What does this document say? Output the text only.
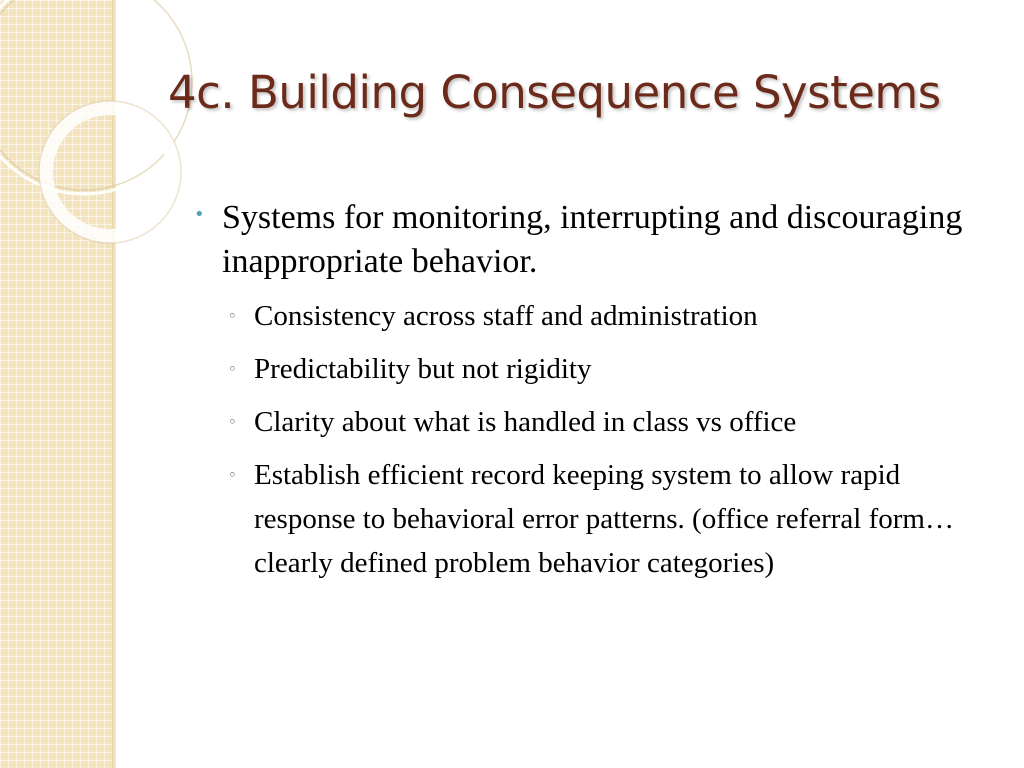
4c. Building Consequence Systems
• Systems for monitoring, interrupting and discouraging inappropriate behavior.
◦ Consistency across staff and administration
◦ Predictability but not rigidity
◦ Clarity about what is handled in class vs office
◦ Establish efficient record keeping system to allow rapid response to behavioral error patterns. (office referral form… clearly defined problem behavior categories)
